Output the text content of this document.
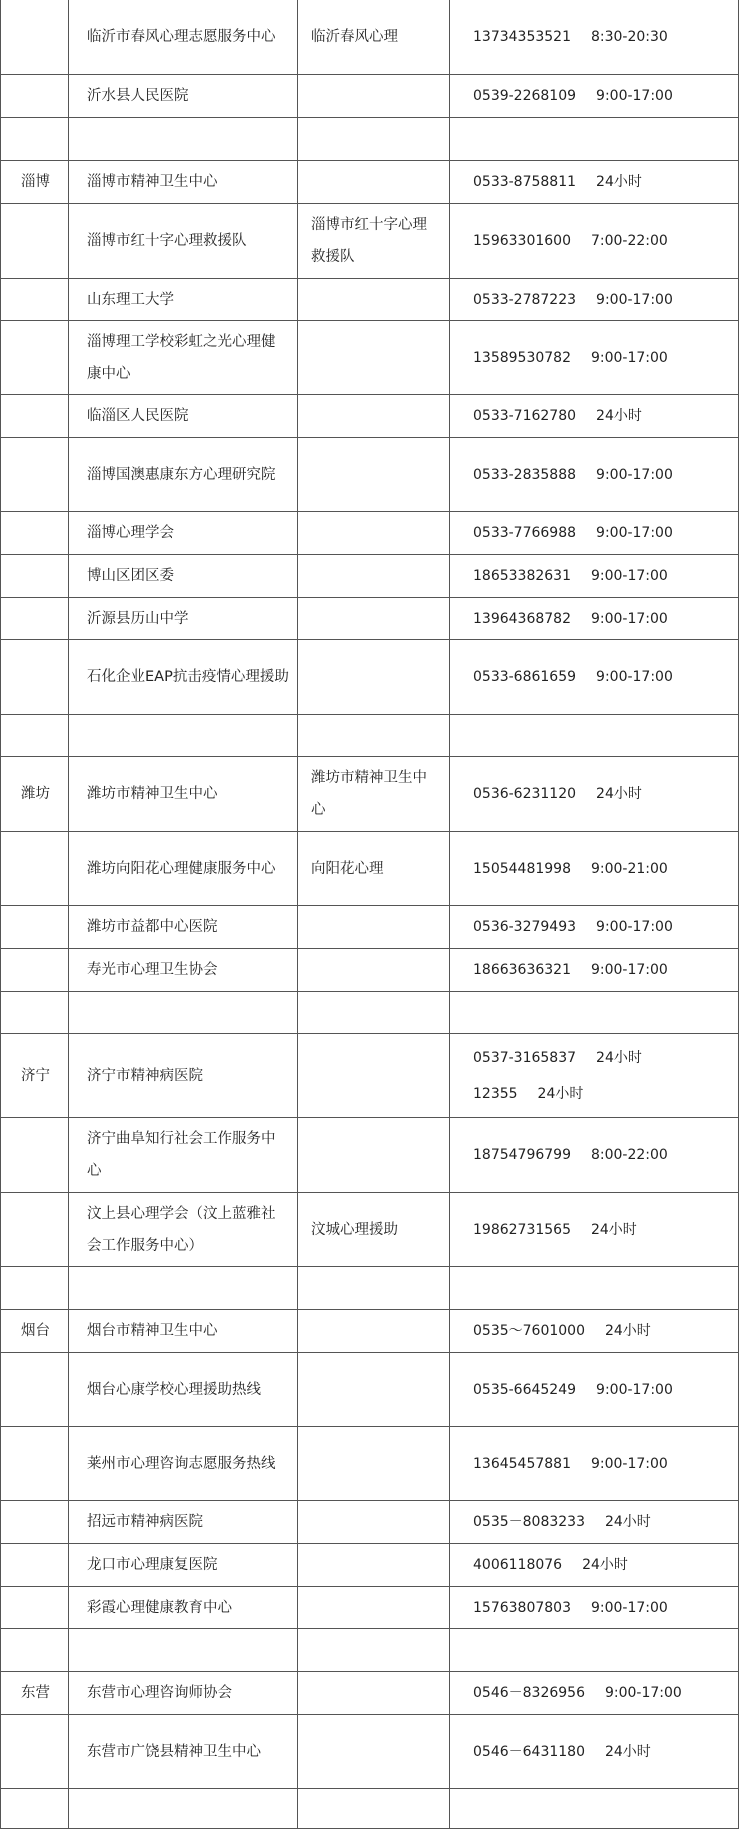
	临沂市春风心理志愿服务中心	临沂春风心理	13734353521 8:30-20:30

	沂水县人民医院		0539-2268109 9:00-17:00

淄博	淄博市精神卫生中心		0533-8758811 24小时

	淄博市红十字心理救援队	淄博市红十字心理救援队	15963301600 7:00-22:00

	山东理工大学		0533-2787223 9:00-17:00

	淄博理工学校彩虹之光心理健康中心		13589530782 9:00-17:00

	临淄区人民医院		0533-7162780 24小时

	淄博国澳惠康东方心理研究院		0533-2835888 9:00-17:00

	淄博心理学会		0533-7766988 9:00-17:00

	博山区团区委		18653382631 9:00-17:00

	沂源县历山中学		13964368782 9:00-17:00

	石化企业EAP抗击疫情心理援助		0533-6861659 9:00-17:00

潍坊	潍坊市精神卫生中心	潍坊市精神卫生中心	0536-6231120 24小时

	潍坊向阳花心理健康服务中心	向阳花心理	15054481998 9:00-21:00

	潍坊市益都中心医院		0536-3279493 9:00-17:00

	寿光市心理卫生协会		18663636321 9:00-17:00

济宁	济宁市精神病医院		0537-3165837 24小时
12355 24小时

	济宁曲阜知行社会工作服务中心		18754796799 8:00-22:00

	汶上县心理学会（汶上蓝雅社会工作服务中心）	汶城心理援助	19862731565 24小时

烟台	烟台市精神卫生中心		0535～7601000 24小时

	烟台心康学校心理援助热线		0535-6645249 9:00-17:00

	莱州市心理咨询志愿服务热线		13645457881 9:00-17:00

	招远市精神病医院		0535－8083233 24小时

	龙口市心理康复医院		4006118076 24小时

	彩霞心理健康教育中心		15763807803 9:00-17:00

东营	东营市心理咨询师协会		0546－8326956 9:00-17:00

	东营市广饶县精神卫生中心		0546－6431180 24小时
